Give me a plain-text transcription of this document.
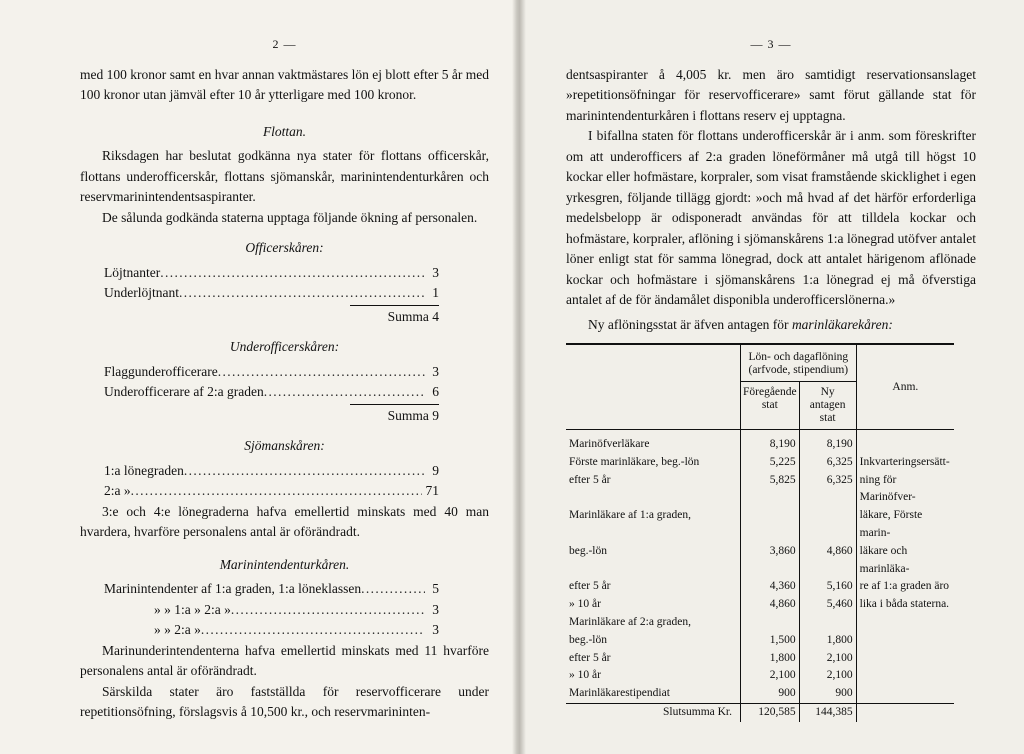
2 —

med 100 kronor samt en hvar annan vaktmästares lön ej blott efter 5 år med 100 kronor utan jämväl efter 10 år ytterligare med 100 kronor.

Flottan.

Riksdagen har beslutat godkänna nya stater för flottans officerskår, flottans underofficerskår, flottans sjömanskår, marinintendenturkåren och reservmarinintendentsaspiranter.

De sålunda godkända staterna upptaga följande ökning af personalen.

Officerskåren:
Löjtnanter . . .	3
Underlöjtnant . . .	1
Summa 4
Underofficerskåren:
Flaggunderofficerare . . .	3
Underofficerare af 2:a graden . . .	6
Summa 9
Sjömanskåren:
1:a lönegraden . . .	9
2:a » . . .	71

3:e och 4:e lönegraderna hafva emellertid minskats med 40 man hvardera, hvarföre personalens antal är oförändradt.

Marinintendenturkåren.
Marinintendenter af 1:a graden, 1:a löneklassen . . .	5
» » 1:a » 2:a » . . .	3
» » 2:a » . . .	3

Marinunderintendenterna hafva emellertid minskats med 11 hvarföre personalens antal är oförändradt.

Särskilda stater äro fastställda för reservofficerare under repetitionsöfning, förslagsvis å 10,500 kr., och reservmarininten-

— 3 —

dentsaspiranter å 4,005 kr. men äro samtidigt reservationsanslaget »repetitionsöfningar för reservofficerare» samt förut gällande stat för marinintendenturkåren i flottans reserv ej upptagna.

I bifallna staten för flottans underofficerskår är i anm. som föreskrifter om att underofficers af 2:a graden löneförmåner må utgå till högst 10 kockar eller hofmästare, korpraler, som visat framstående skicklighet i egen yrkesgren, följande tillägg gjordt: »och må hvad af det härför erforderliga medelsbelopp är odisponeradt användas för att tilldela kockar och hofmästare, korpraler, aflöning i sjömanskårens 1:a lönegrad utöfver antalet löner enligt stat för samma lönegrad, dock att antalet härigenom aflönade kockar och hofmästare i sjömanskårens 1:a lönegrad ej må öfverstiga antalet af de för ändamålet disponibla underofficerslönerna.»

Ny aflöningsstat är äfven antagen för marinläkarekåren:

	Lön- och dagaflöning (arfvode, stipendium)		Anm.
	Föregående stat	Ny antagen stat	
Marinöfverläkare	8,190	8,190	
Förste marinläkare, beg.-lön	5,225	6,325	Inkvarteringsersätt-
efter 5 år	5,825	6,325	ning för Marinöfver-
Marinläkare af 1:a graden,			läkare, Förste marin-
beg.-lön	3,860	4,860	läkare och marinläka-
efter 5 år	4,360	5,160	re af 1:a graden äro
» 10 år	4,860	5,460	lika i båda staterna.
Marinläkare af 2:a graden,			
beg.-lön	1,500	1,800	
efter 5 år	1,800	2,100	
» 10 år	2,100	2,100	
Marinläkarestipendiat	900	900	
Slutsumma Kr.	120,585	144,385	
